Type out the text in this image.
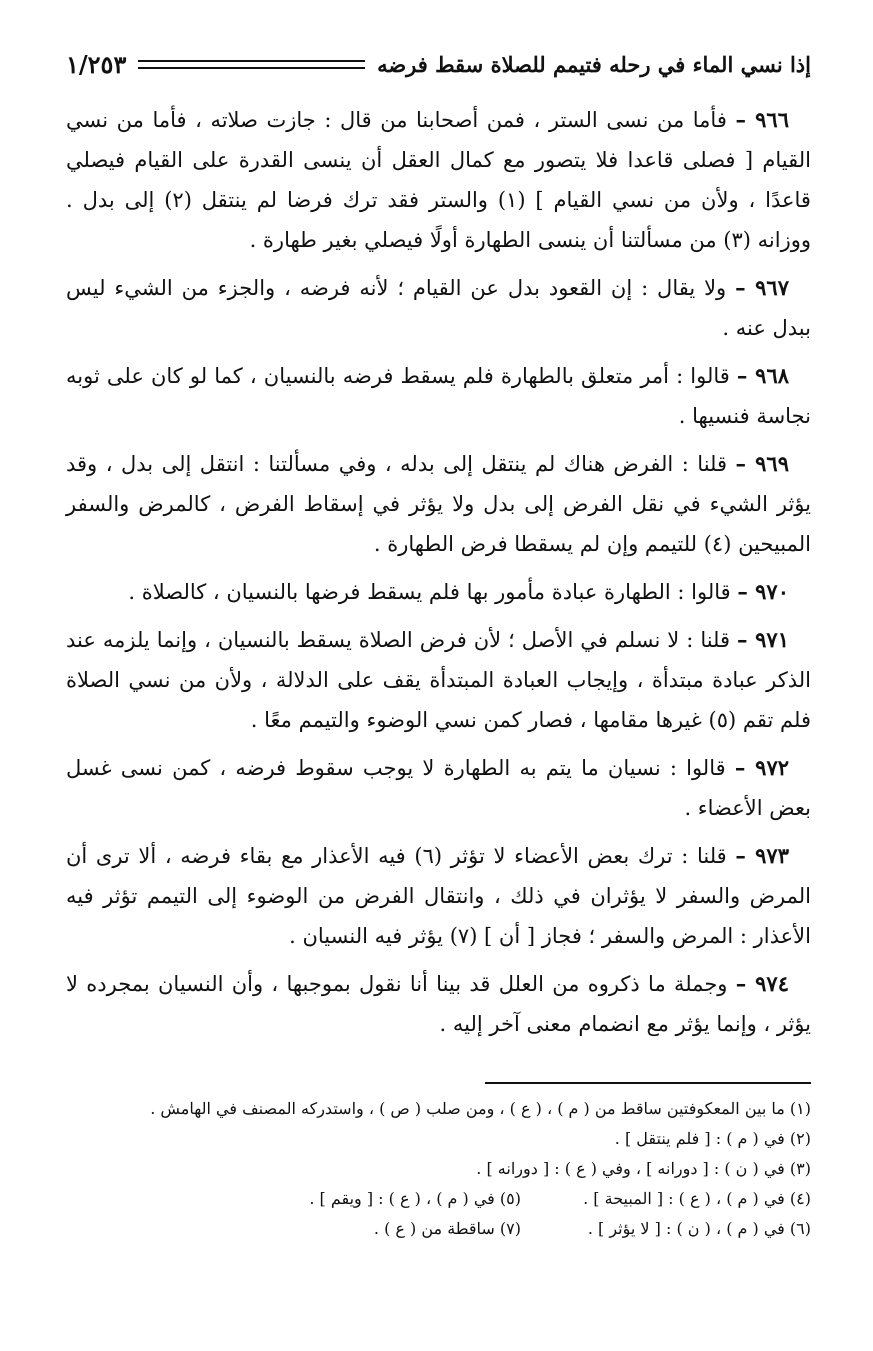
إذا نسي الماء في رحله فتيمم للصلاة سقط فرضه
١/٢٥٣

٩٦٦ – فأما من نسى الستر ، فمن أصحابنا من قال : جازت صلاته ، فأما من نسي القيام [ فصلى قاعدا فلا يتصور مع كمال العقل أن ينسى القدرة على القيام فيصلي قاعدًا ، ولأن من نسي القيام ] (١) والستر فقد ترك فرضا لم ينتقل (٢) إلى بدل . ووزانه (٣) من مسألتنا أن ينسى الطهارة أولًا فيصلي بغير طهارة .

٩٦٧ – ولا يقال : إن القعود بدل عن القيام ؛ لأنه فرضه ، والجزء من الشيء ليس ببدل عنه .

٩٦٨ – قالوا : أمر متعلق بالطهارة فلم يسقط فرضه بالنسيان ، كما لو كان على ثوبه نجاسة فنسيها .

٩٦٩ – قلنا : الفرض هناك لم ينتقل إلى بدله ، وفي مسألتنا : انتقل إلى بدل ، وقد يؤثر الشيء في نقل الفرض إلى بدل ولا يؤثر في إسقاط الفرض ، كالمرض والسفر المبيحين (٤) للتيمم وإن لم يسقطا فرض الطهارة .

٩٧٠ – قالوا : الطهارة عبادة مأمور بها فلم يسقط فرضها بالنسيان ، كالصلاة .

٩٧١ – قلنا : لا نسلم في الأصل ؛ لأن فرض الصلاة يسقط بالنسيان ، وإنما يلزمه عند الذكر عبادة مبتدأة ، وإيجاب العبادة المبتدأة يقف على الدلالة ، ولأن من نسي الصلاة فلم تقم (٥) غيرها مقامها ، فصار كمن نسي الوضوء والتيمم معًا .

٩٧٢ – قالوا : نسيان ما يتم به الطهارة لا يوجب سقوط فرضه ، كمن نسى غسل بعض الأعضاء .

٩٧٣ – قلنا : ترك بعض الأعضاء لا تؤثر (٦) فيه الأعذار مع بقاء فرضه ، ألا ترى أن المرض والسفر لا يؤثران في ذلك ، وانتقال الفرض من الوضوء إلى التيمم تؤثر فيه الأعذار : المرض والسفر ؛ فجاز [ أن ] (٧) يؤثر فيه النسيان .

٩٧٤ – وجملة ما ذكروه من العلل قد بينا أنا نقول بموجبها ، وأن النسيان بمجرده لا يؤثر ، وإنما يؤثر مع انضمام معنى آخر إليه .

(١) ما بين المعكوفتين ساقط من ( م ) ، ( ع ) ، ومن صلب ( ص ) ، واستدركه المصنف في الهامش .
(٢) في ( م ) : [ فلم ينتقل ] .
(٣) في ( ن ) : [ دورانه ] ، وفي ( ع ) : [ دورانه ] .
(٤) في ( م ) ، ( ع ) : [ المبيحة ] .
(٥) في ( م ) ، ( ع ) : [ ويقم ] .
(٦) في ( م ) ، ( ن ) : [ لا يؤثر ] .
(٧) ساقطة من ( ع ) .
